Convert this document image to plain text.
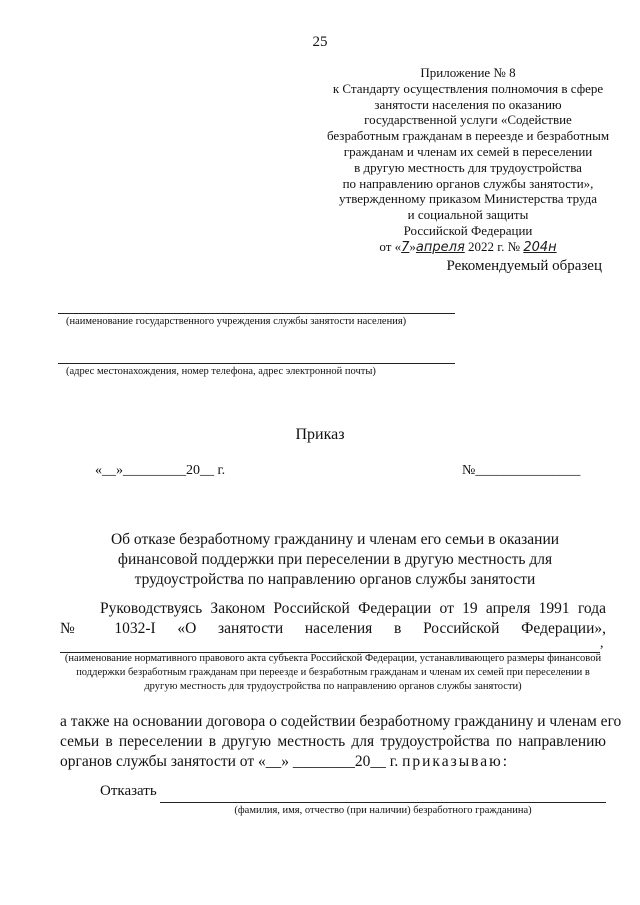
25
Приложение № 8
к Стандарту осуществления полномочия в сфере
занятости населения по оказанию
государственной услуги «Содействие
безработным гражданам в переезде и безработным
гражданам и членам их семей в переселении
в другую местность для трудоустройства
по направлению органов службы занятости»,
утвержденному приказом Министерства труда
и социальной защиты
Российской Федерации
от «7»апреля 2022 г. № 204н
Рекомендуемый образец
(наименование государственного учреждения службы занятости населения)
(адрес местонахождения, номер телефона, адрес электронной почты)
Приказ
«__»_________20__ г.	№_______________
Об отказе безработному гражданину и членам его семьи в оказании финансовой поддержки при переселении в другую местность для трудоустройства по направлению органов службы занятости
Руководствуясь Законом Российской Федерации от 19 апреля 1991 года
№ 1032-I «О занятости населения в Российской Федерации»,
,
(наименование нормативного правового акта субъекта Российской Федерации, устанавливающего размеры финансовой поддержки безработным гражданам при переезде и безработным гражданам и членам их семей при переселении в другую местность для трудоустройства по направлению органов службы занятости)
а также на основании договора о содействии безработному гражданину и членам его
семьи в переселении в другую местность для трудоустройства по направлению
органов службы занятости от «__» ________20__ г. приказываю:
Отказать
(фамилия, имя, отчество (при наличии) безработного гражданина)
